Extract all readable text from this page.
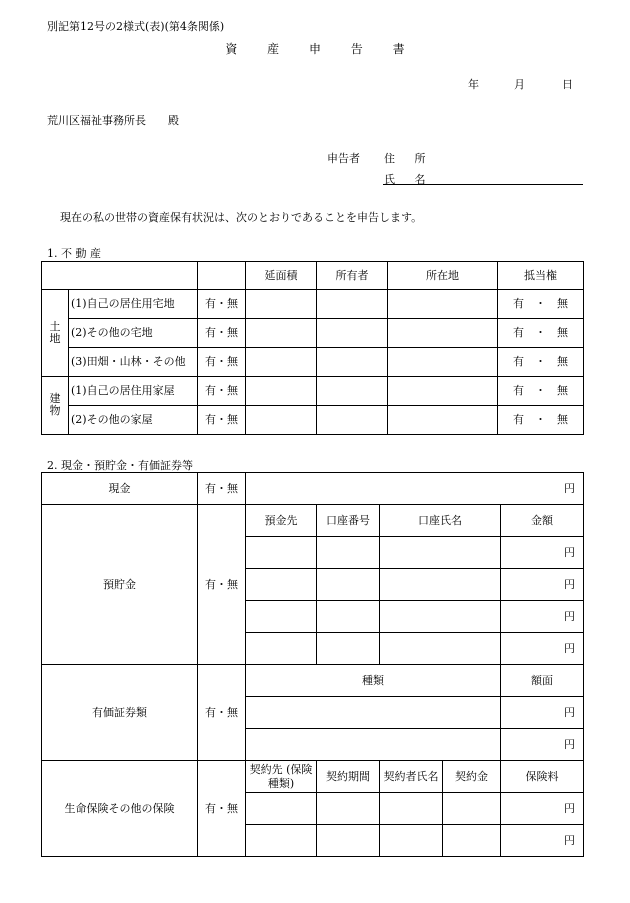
別記第12号の2様式(表)(第4条関係)
資 産 申 告 書
年	月	日
荒川区福祉事務所長　　殿
申告者 住 所
氏 名
現在の私の世帯の資産保有状況は、次のとおりであることを申告します。
1. 不 動 産
			延面積	所有者	所在地	抵当権
土地	(1)自己の居住用宅地	有・無				有　・　無
	(2)その他の宅地	有・無				有　・　無
	(3)田畑・山林・その他	有・無				有　・　無
建物	(1)自己の居住用家屋	有・無				有　・　無
	(2)その他の家屋	有・無				有　・　無
2. 現金・預貯金・有価証券等
現金	有・無	円				
預貯金	有・無	預金先	口座番号	口座氏名		金額
						円
						円
						円
						円
有価証券類	有・無	種類				額面
						円
						円
生命保険その他の保険	有・無	契約先 (保険種類)	契約期間	契約者氏名	契約金	保険料
						円
						円
